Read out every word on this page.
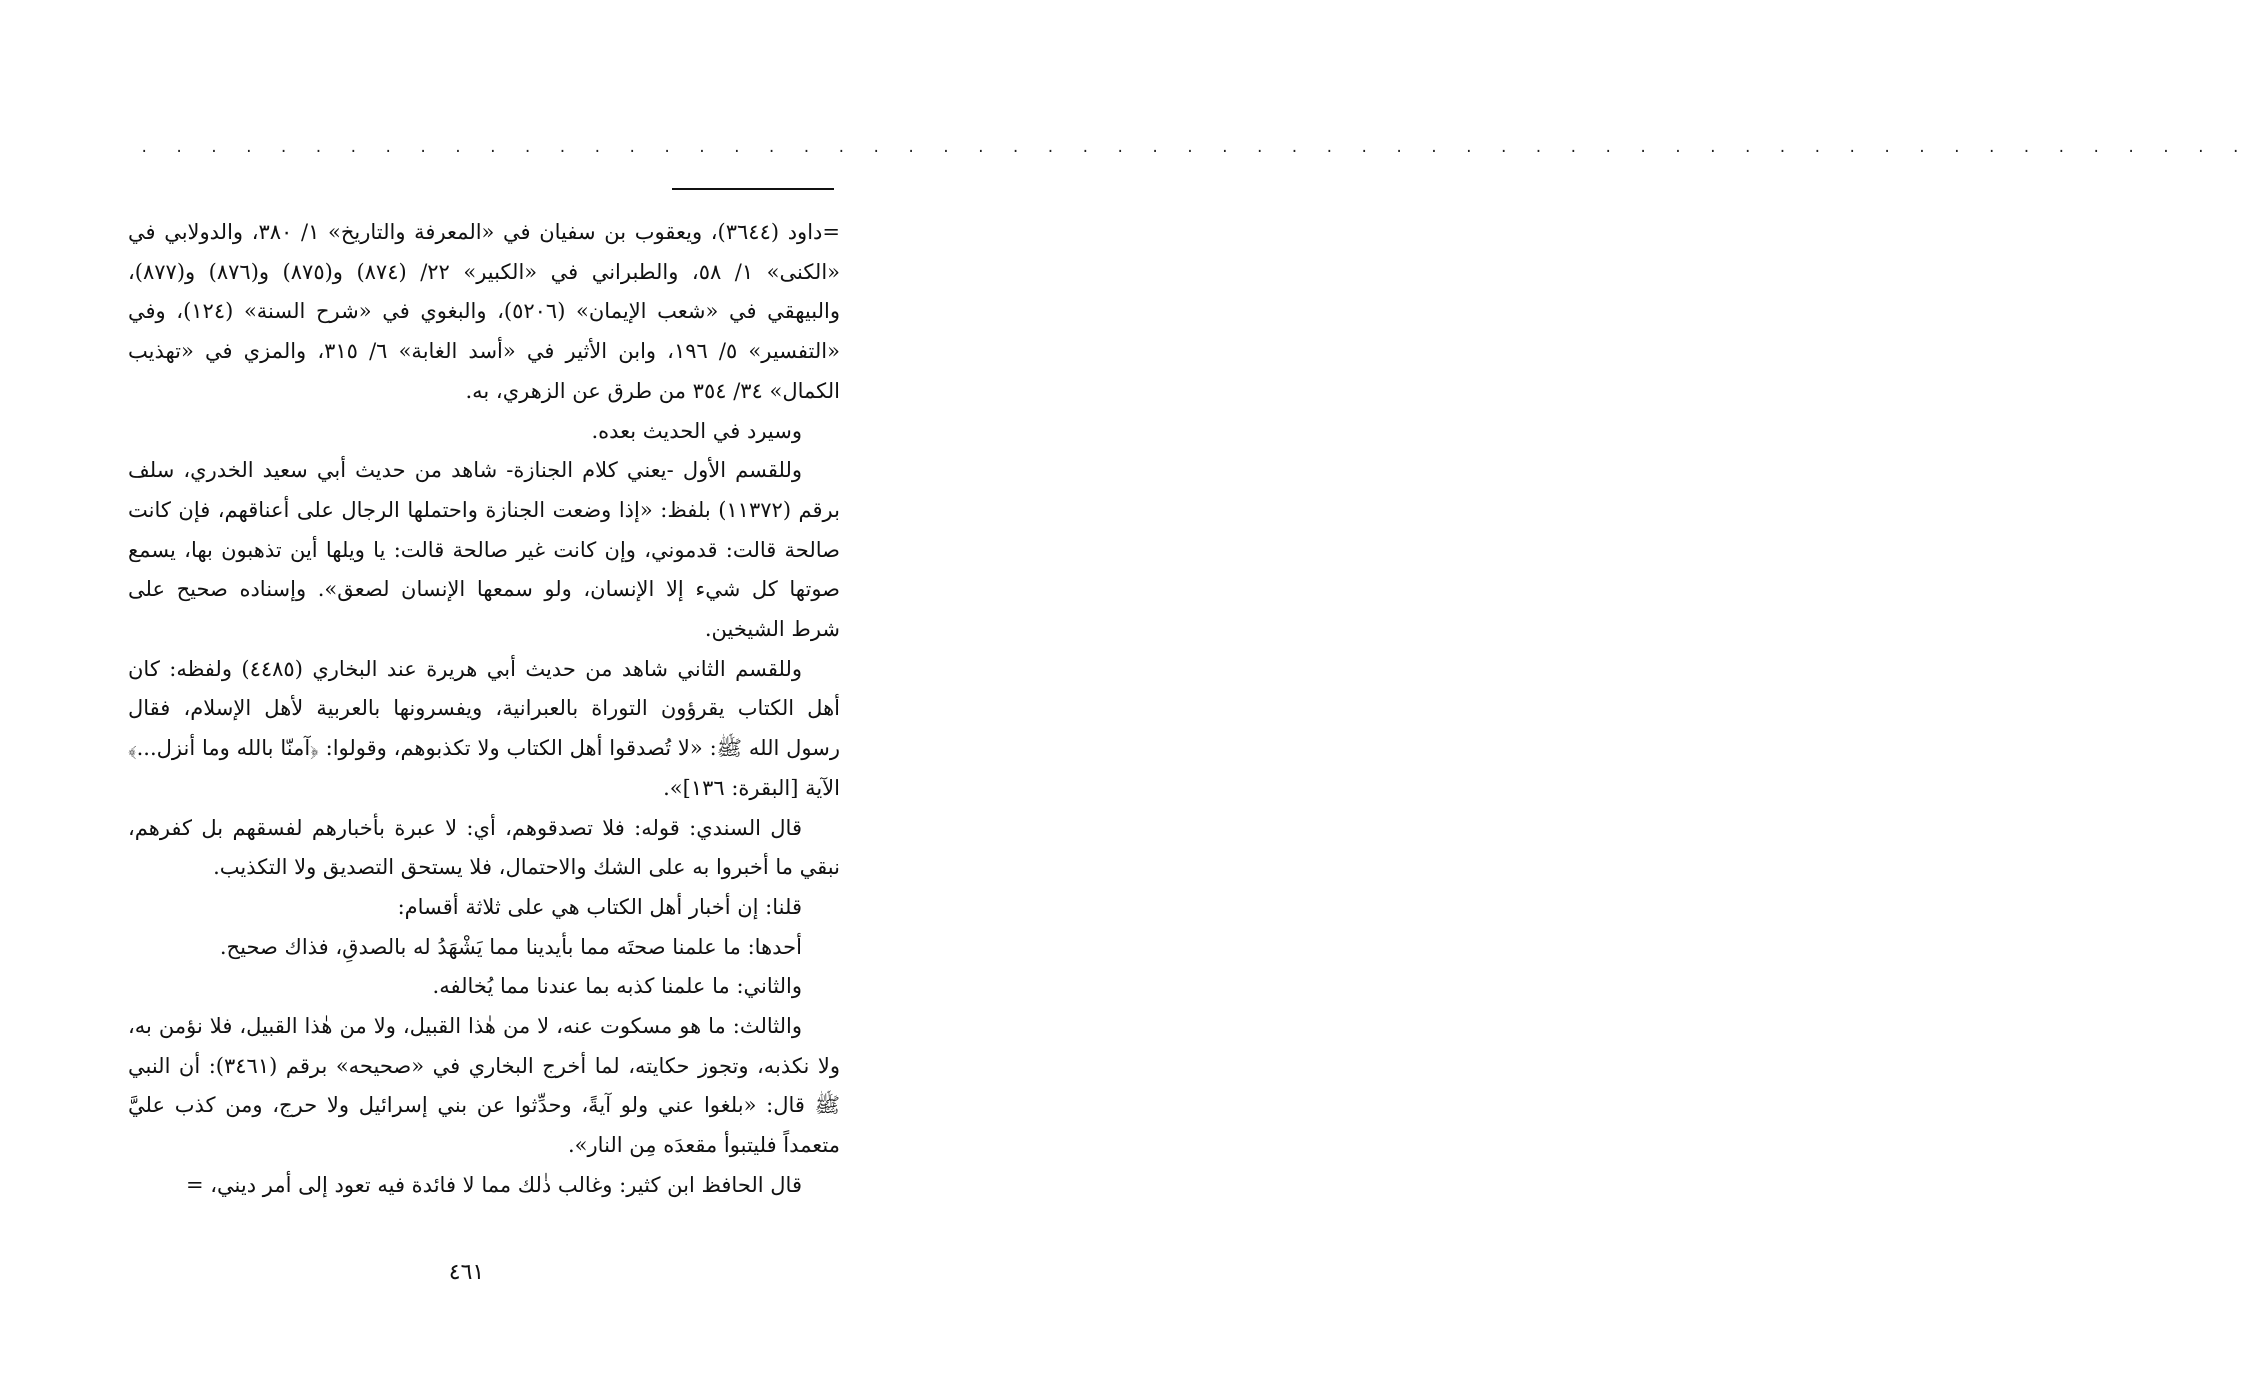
. . . . . . . . . . . . . . . . . . . . . . . . . . . . . . . . . . . . . . . . . . . . . . . . . . . . . . . . . . . . .

=داود (٣٦٤٤)، ويعقوب بن سفيان في «المعرفة والتاريخ» ١/ ٣٨٠، والدولابي في «الكنى» ١/ ٥٨، والطبراني في «الكبير» ٢٢/ (٨٧٤) و(٨٧٥) و(٨٧٦) و(٨٧٧)، والبيهقي في «شعب الإيمان» (٥٢٠٦)، والبغوي في «شرح السنة» (١٢٤)، وفي «التفسير» ٥/ ١٩٦، وابن الأثير في «أسد الغابة» ٦/ ٣١٥، والمزي في «تهذيب الكمال» ٣٤/ ٣٥٤ من طرق عن الزهري، به.

وسيرد في الحديث بعده.

وللقسم الأول -يعني كلام الجنازة- شاهد من حديث أبي سعيد الخدري، سلف برقم (١١٣٧٢) بلفظ: «إذا وضعت الجنازة واحتملها الرجال على أعناقهم، فإن كانت صالحة قالت: قدموني، وإن كانت غير صالحة قالت: يا ويلها أين تذهبون بها، يسمع صوتها كل شيء إلا الإنسان، ولو سمعها الإنسان لصعق». وإسناده صحيح على شرط الشيخين.

وللقسم الثاني شاهد من حديث أبي هريرة عند البخاري (٤٤٨٥) ولفظه: كان أهل الكتاب يقرؤون التوراة بالعبرانية، ويفسرونها بالعربية لأهل الإسلام، فقال رسول الله ﷺ: «لا تُصدقوا أهل الكتاب ولا تكذبوهم، وقولوا: ﴿آمنّا بالله وما أنزل...﴾ الآية [البقرة: ١٣٦]».

قال السندي: قوله: فلا تصدقوهم، أي: لا عبرة بأخبارهم لفسقهم بل كفرهم، نبقي ما أخبروا به على الشك والاحتمال، فلا يستحق التصديق ولا التكذيب.

قلنا: إن أخبار أهل الكتاب هي على ثلاثة أقسام:

أحدها: ما علمنا صحتَه مما بأيدينا مما يَشْهَدُ له بالصدقِ، فذاك صحيح.

والثاني: ما علمنا كذبه بما عندنا مما يُخالفه.

والثالث: ما هو مسكوت عنه، لا من هٰذا القبيل، ولا من هٰذا القبيل، فلا نؤمن به، ولا نكذبه، وتجوز حكايته، لما أخرج البخاري في «صحيحه» برقم (٣٤٦١): أن النبي ﷺ قال: «بلغوا عني ولو آيةً، وحدِّثوا عن بني إسرائيل ولا حرج، ومن كذب عليَّ متعمداً فليتبوأ مقعدَه مِن النار».

قال الحافظ ابن كثير: وغالب ذٰلك مما لا فائدة فيه تعود إلى أمر ديني، =

٤٦١
